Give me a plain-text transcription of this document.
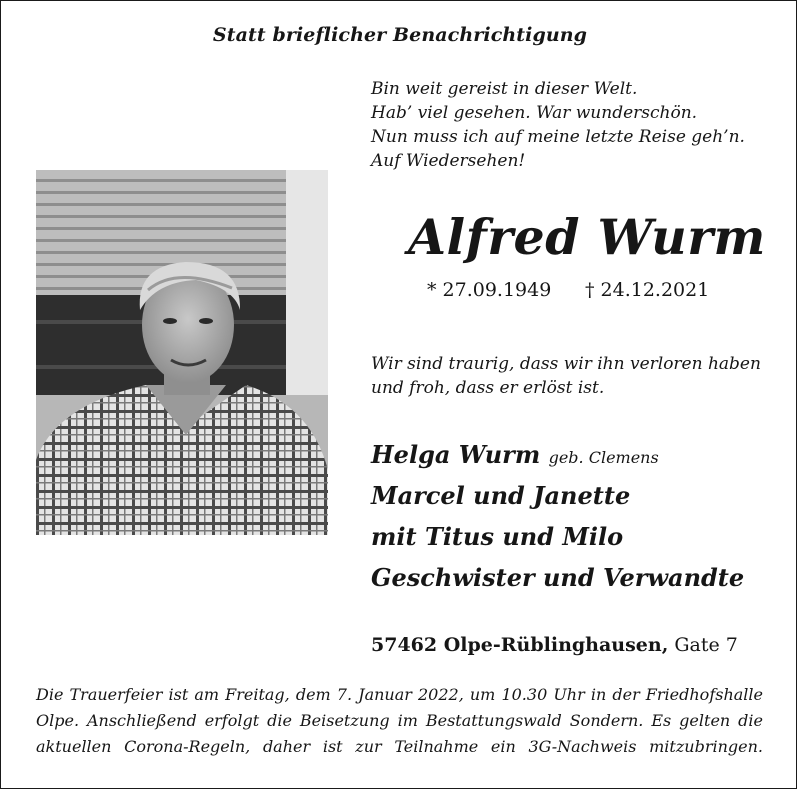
Statt brieflicher Benachrichtigung
Bin weit gereist in dieser Welt.
Hab’ viel gesehen. War wunderschön.
Nun muss ich auf meine letzte Reise geh’n.
Auf Wiedersehen!
Alfred Wurm
* 27.09.1949 † 24.12.2021
Wir sind traurig, dass wir ihn verloren haben
und froh, dass er erlöst ist.
Helga Wurm geb. Clemens
Marcel und Janette
mit Titus und Milo
Geschwister und Verwandte
57462 Olpe-Rüblinghausen, Gate 7
Die Trauerfeier ist am Freitag, dem 7. Januar 2022, um 10.30 Uhr in der Friedhofshalle
Olpe. Anschließend erfolgt die Beisetzung im Bestattungswald Sondern. Es gelten die
aktuellen Corona-Regeln, daher ist zur Teilnahme ein 3G-Nachweis mitzubringen.
